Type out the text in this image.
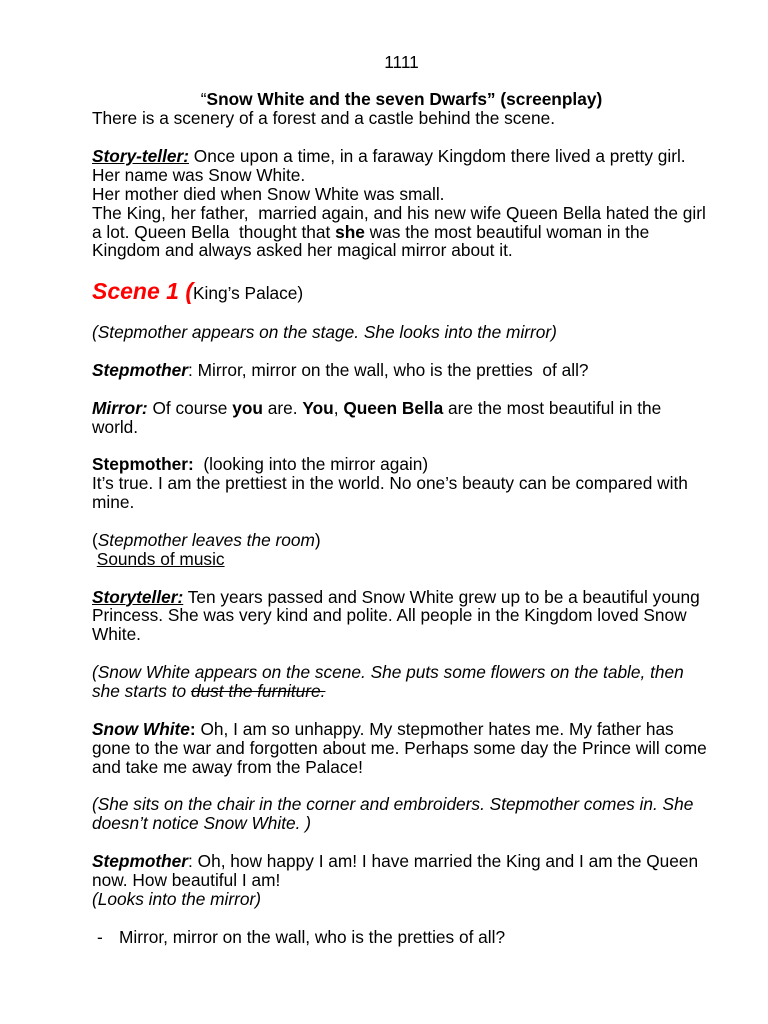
1111
“Snow White and the seven Dwarfs” (screenplay)
There is a scenery of a forest and a castle behind the scene.
Story-teller: Once upon a time, in a faraway Kingdom there lived a pretty girl.
Her name was Snow White.
Her mother died when Snow White was small.
The King, her father,  married again, and his new wife Queen Bella hated the girl
a lot. Queen Bella  thought that she was the most beautiful woman in the
Kingdom and always asked her magical mirror about it.
Scene 1 (King’s Palace)
(Stepmother appears on the stage. She looks into the mirror)
Stepmother: Mirror, mirror on the wall, who is the pretties  of all?
Mirror: Of course you are. You, Queen Bella are the most beautiful in the
world.
Stepmother:  (looking into the mirror again)
It’s true. I am the prettiest in the world. No one’s beauty can be compared with
mine.
(Stepmother leaves the room)
Sounds of music
Storyteller: Ten years passed and Snow White grew up to be a beautiful young
Princess. She was very kind and polite. All people in the Kingdom loved Snow
White.
(Snow White appears on the scene. She puts some flowers on the table, then
she starts to dust the furniture.
Snow White: Oh, I am so unhappy. My stepmother hates me. My father has
gone to the war and forgotten about me. Perhaps some day the Prince will come
and take me away from the Palace!
(She sits on the chair in the corner and embroiders. Stepmother comes in. She
doesn’t notice Snow White. )
Stepmother: Oh, how happy I am! I have married the King and I am the Queen
now. How beautiful I am!
(Looks into the mirror)
- Mirror, mirror on the wall, who is the pretties of all?
